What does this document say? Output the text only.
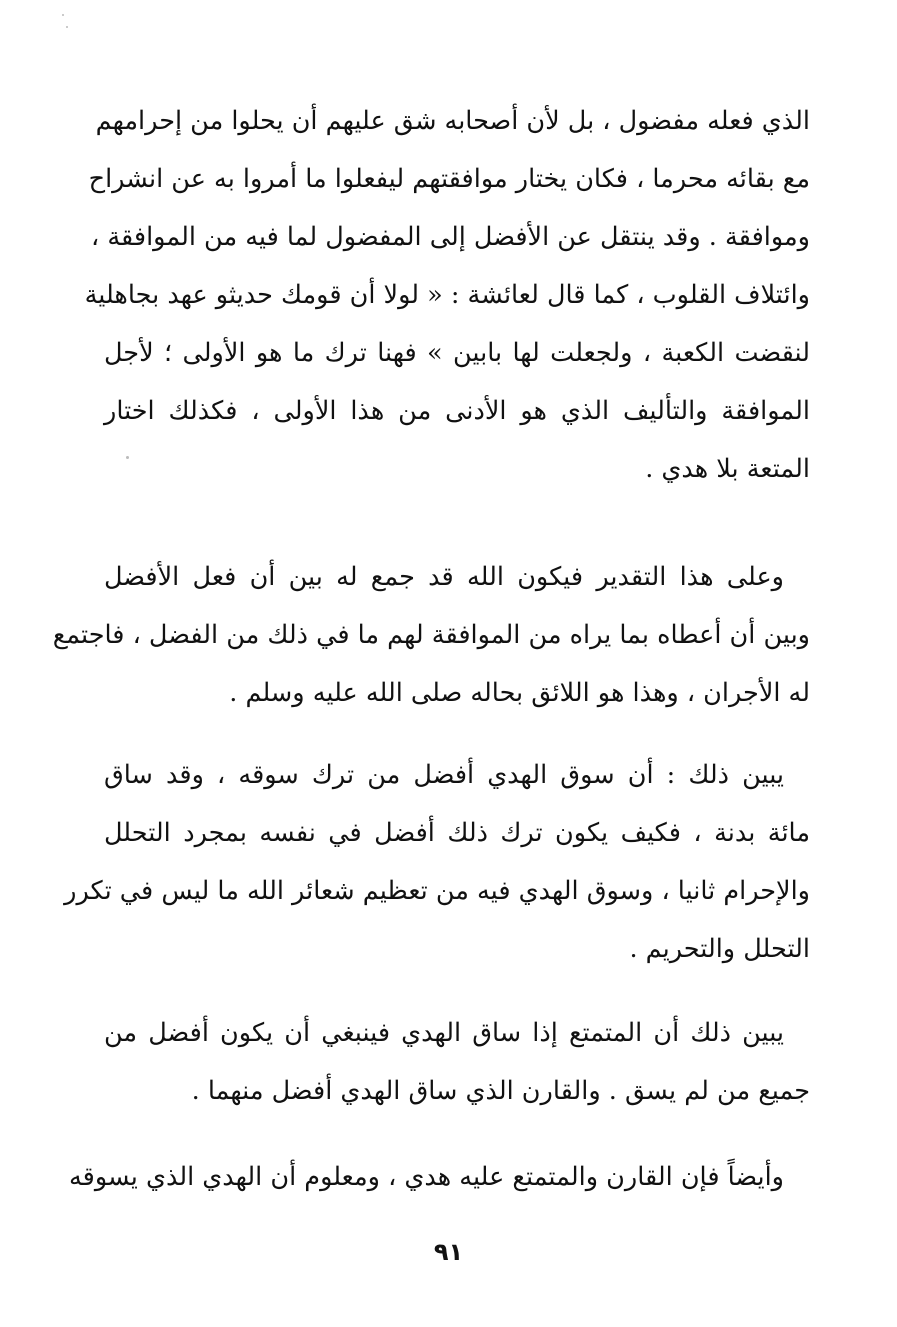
الذي فعله مفضول ، بل لأن أصحابه شق عليهم أن يحلوا من إحرامهم
مع بقائه محرما ، فكان يختار موافقتهم ليفعلوا ما أمروا به عن انشراح
وموافقة . وقد ينتقل عن الأفضل إلى المفضول لما فيه من الموافقة ،
وائتلاف القلوب ، كما قال لعائشة : « لولا أن قومك حديثو عهد بجاهلية
لنقضت الكعبة ، ولجعلت لها بابين » فهنا ترك ما هو الأولى ؛ لأجل
الموافقة والتأليف الذي هو الأدنى من هذا الأولى ، فكذلك اختار
المتعة بلا هدي .
وعلى هذا التقدير فيكون الله قد جمع له بين أن فعل الأفضل
وبين أن أعطاه بما يراه من الموافقة لهم ما في ذلك من الفضل ، فاجتمع
له الأجران ، وهذا هو اللائق بحاله صلى الله عليه وسلم .
يبين ذلك : أن سوق الهدي أفضل من ترك سوقه ، وقد ساق
مائة بدنة ، فكيف يكون ترك ذلك أفضل في نفسه بمجرد التحلل
والإحرام ثانيا ، وسوق الهدي فيه من تعظيم شعائر الله ما ليس في تكرر
التحلل والتحريم .
يبين ذلك أن المتمتع إذا ساق الهدي فينبغي أن يكون أفضل من
جميع من لم يسق . والقارن الذي ساق الهدي أفضل منهما .
وأيضاً فإن القارن والمتمتع عليه هدي ، ومعلوم أن الهدي الذي يسوقه
٩١
